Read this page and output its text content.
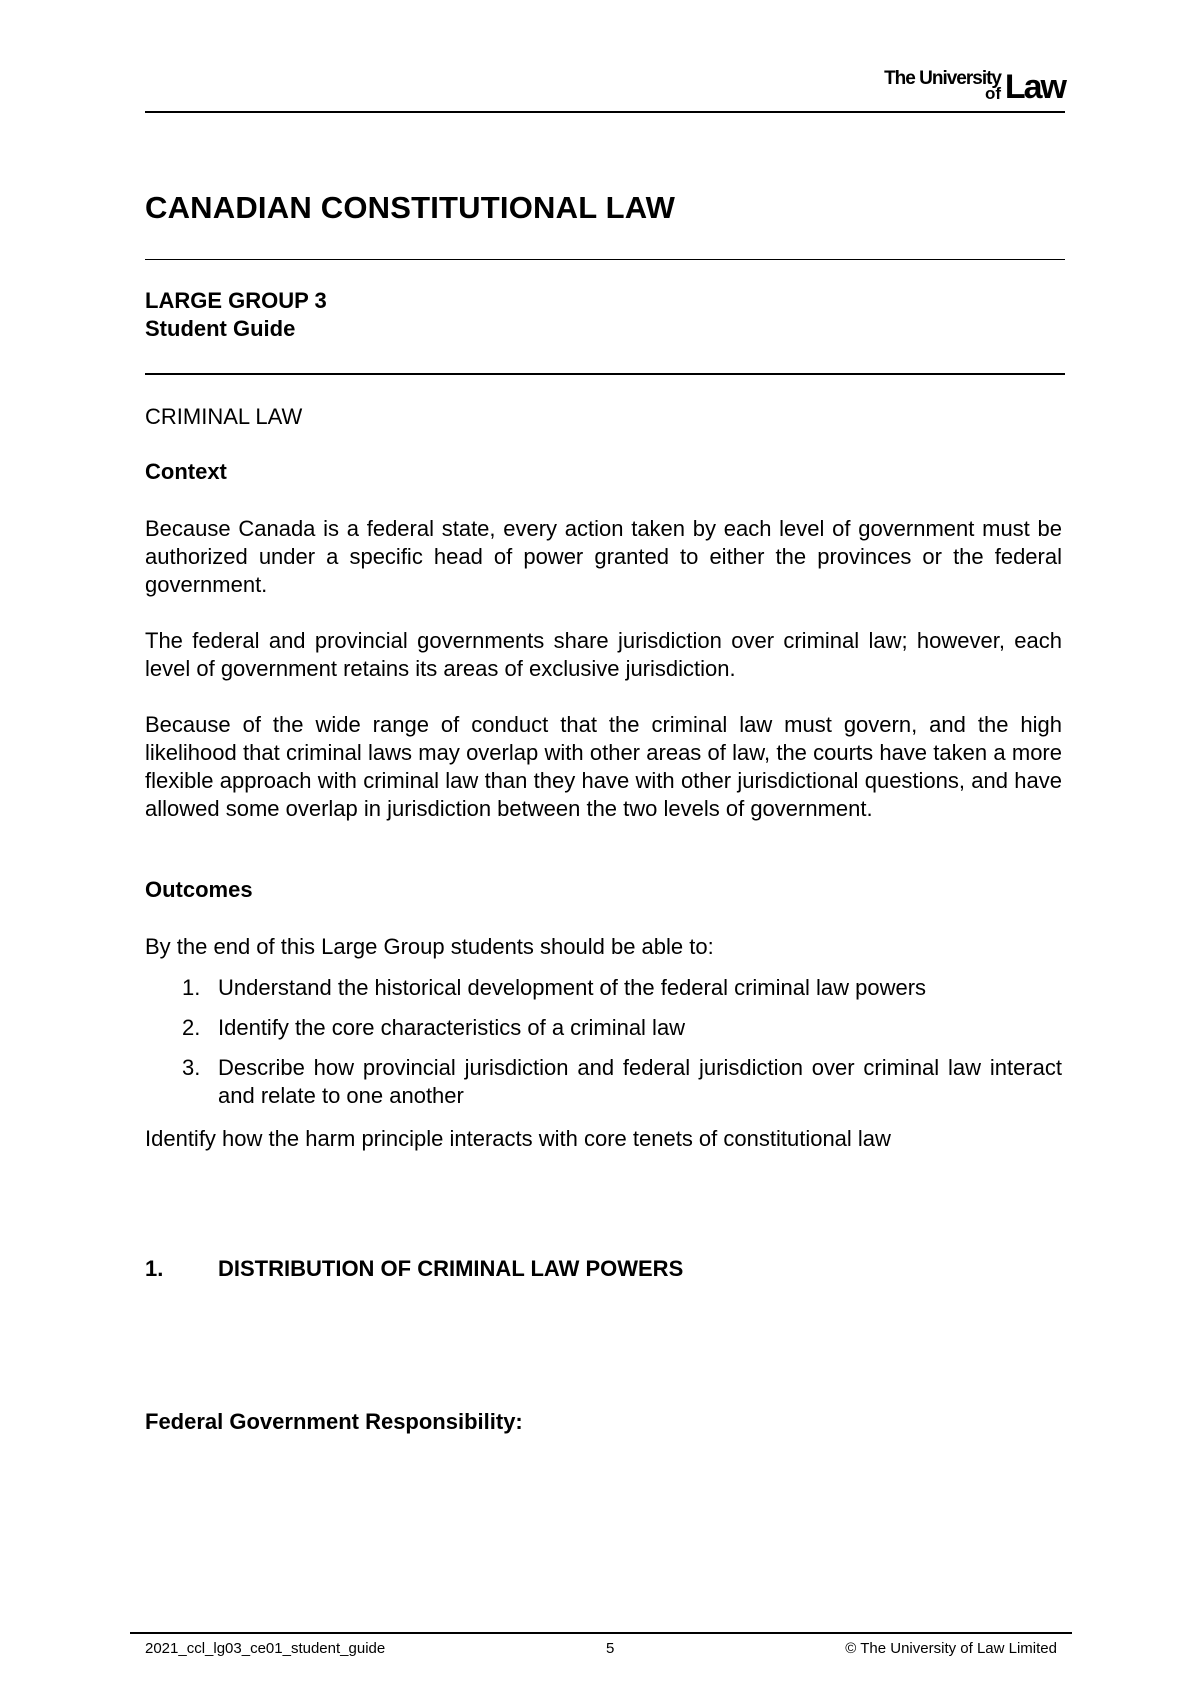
The University
of Law
CANADIAN CONSTITUTIONAL LAW
LARGE GROUP 3
Student Guide
CRIMINAL LAW
Context
Because Canada is a federal state, every action taken by each level of government must be authorized under a specific head of power granted to either the provinces or the federal government.
The federal and provincial governments share jurisdiction over criminal law; however, each level of government retains its areas of exclusive jurisdiction.
Because of the wide range of conduct that the criminal law must govern, and the high likelihood that criminal laws may overlap with other areas of law, the courts have taken a more flexible approach with criminal law than they have with other jurisdictional questions, and have allowed some overlap in jurisdiction between the two levels of government.
Outcomes
By the end of this Large Group students should be able to:
1. Understand the historical development of the federal criminal law powers
2. Identify the core characteristics of a criminal law
3. Describe how provincial jurisdiction and federal jurisdiction over criminal law interact and relate to one another
Identify how the harm principle interacts with core tenets of constitutional law
1. DISTRIBUTION OF CRIMINAL LAW POWERS
Federal Government Responsibility:
2021_ccl_lg03_ce01_student_guide	5	© The University of Law Limited
